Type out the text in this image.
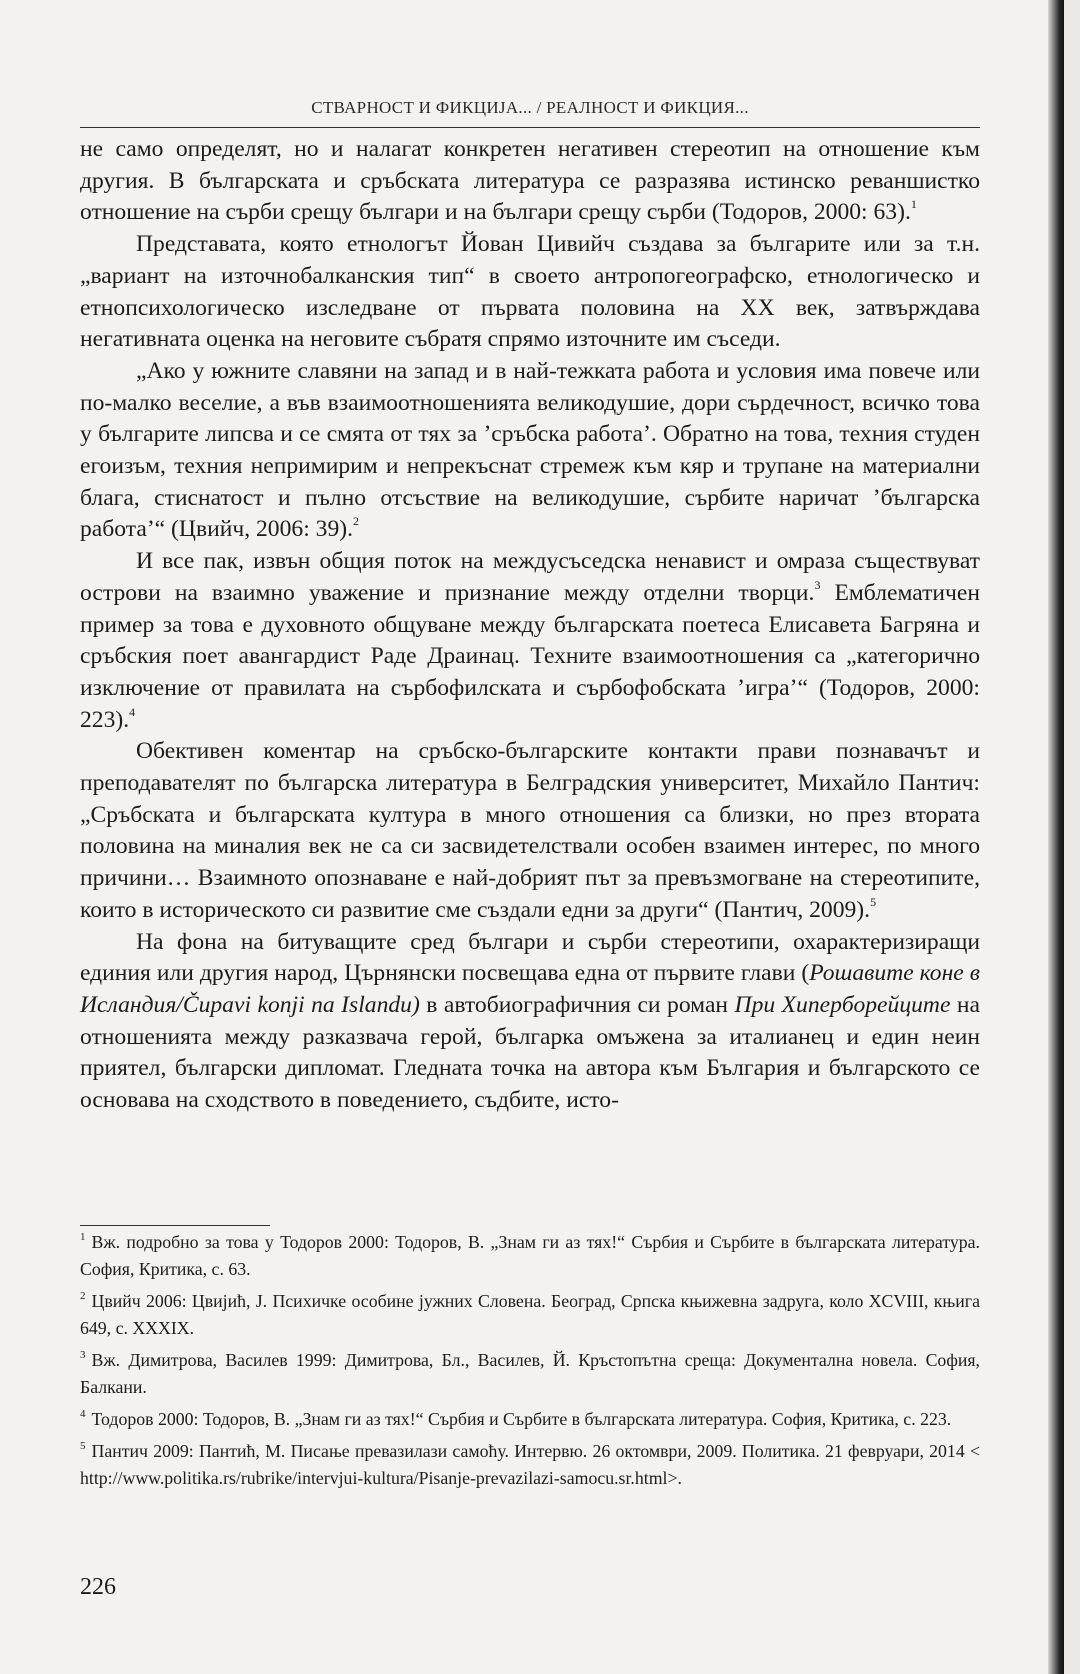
СТВАРНОСТ И ФИКЦИЈА... / РЕАЛНОСТ И ФИКЦИЯ...

не само определят, но и налагат конкретен негативен стереотип на отношение към другия. В българската и сръбската литература се разразява истинско реваншистко отношение на сърби срещу българи и на българи срещу сърби (Тодоров, 2000: 63).$^1$

Представата, която етнологът Йован Цивийч създава за българите или за т.н. „вариант на източнобалканския тип“ в своето антропогеографско, етнологическо и етнопсихологическо изследване от първата половина на XX век, затвърждава негативната оценка на неговите събратя спрямо източните им съседи.

„Ако у южните славяни на запад и в най-тежката работа и условия има повече или по-малко веселие, а във взаимоотношенията великодушие, дори сърдечност, всичко това у българите липсва и се смята от тях за ’сръбска работа’. Обратно на това, техния студен егоизъм, техния непримирим и непрекъснат стремеж към кяр и трупане на материални блага, стиснатост и пълно отсъствие на великодушие, сърбите наричат ’българска работа’“ (Цвийч, 2006: 39).$^2$

И все пак, извън общия поток на междусъседска ненавист и омраза съществуват острови на взаимно уважение и признание между отделни творци.$^3$ Емблематичен пример за това е духовното общуване между българската поетеса Елисавета Багряна и сръбския поет авангардист Раде Драинац. Техните взаимоотношения са „категорично изключение от правилата на сърбофилската и сърбофобската ’игра’“ (Тодоров, 2000: 223).$^4$

Обективен коментар на сръбско-българските контакти прави познавачът и преподавателят по българска литература в Белградския университет, Михайло Пантич: „Сръбската и българската култура в много отношения са близки, но през втората половина на миналия век не са си засвидетелствали особен взаимен интерес, по много причини… Взаимното опознаване е най-добрият път за превъзмогване на стереотипите, които в историческото си развитие сме създали едни за други“ (Пантич, 2009).$^5$

На фона на битуващите сред българи и сърби стереотипи, охарактеризиращи единия или другия народ, Църнянски посвещава една от първите глави (Рошавите коне в Исландия/Čupavi konji na Islandu) в автобиографичния си роман При Хиперборейците на отношенията между разказвача герой, българка омъжена за италианец и един неин приятел, български дипломат. Гледната точка на автора към България и българското се основава на сходството в поведението, съдбите, исто-

$^1$ Вж. подробно за това у Тодоров 2000: Тодоров, В. „Знам ги аз тях!“ Сърбия и Сърбите в българската литература. София, Критика, с. 63.

$^2$ Цвийч 2006: Цвијић, Ј. Психичке особине јужних Словена. Београд, Српска књижевна задруга, коло XCVIII, књига 649, с. XXXIX.

$^3$ Вж. Димитрова, Василев 1999: Димитрова, Бл., Василев, Й. Кръстопътна среща: Документална новела. София, Балкани.

$^4$ Тодоров 2000: Тодоров, В. „Знам ги аз тях!“ Сърбия и Сърбите в българската литература. София, Критика, с. 223.

$^5$ Пантич 2009: Пантић, М. Писање превазилази самоћу. Интервю. 26 октомври, 2009. Политика. 21 февруари, 2014 < http://www.politika.rs/rubrike/intervjui-kultura/Pisanje-prevazilazi-samocu.sr.html>.

226
